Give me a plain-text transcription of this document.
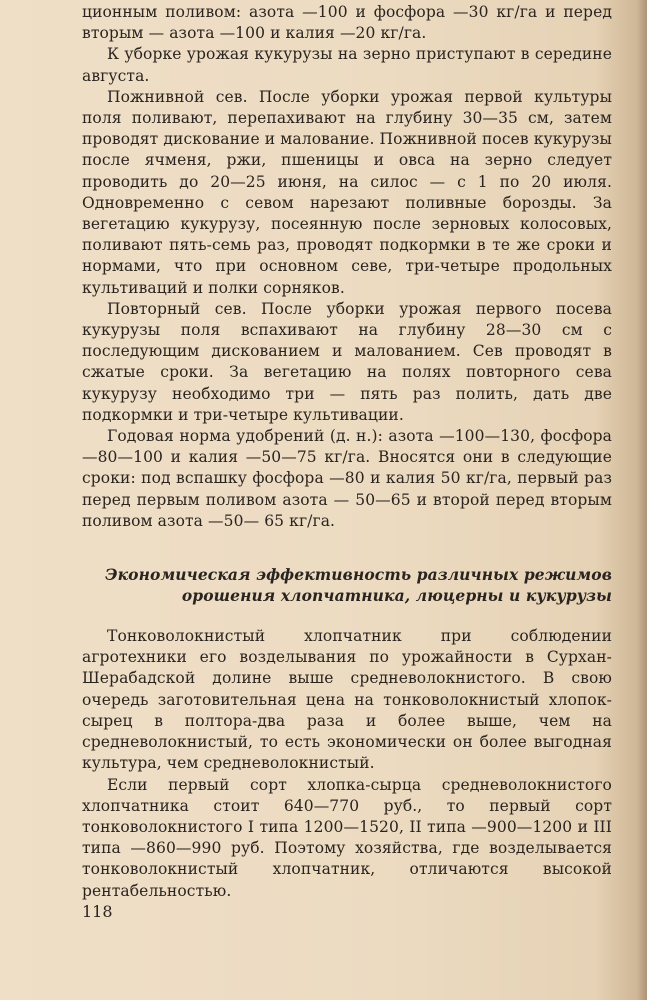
ционным поливом: азота —100 и фосфора —30 кг/га и перед вторым — азота —100 и калия —20 кг/га.

К уборке урожая кукурузы на зерно приступают в середине августа.

Пожнивной сев. После уборки урожая первой культуры поля поливают, перепахивают на глубину 30—35 см, затем проводят дискование и малование. Пожнивной посев кукурузы после ячменя, ржи, пшеницы и овса на зерно следует проводить до 20—25 июня, на силос — с 1 по 20 июля. Одновременно с севом нарезают поливные борозды. За вегетацию кукурузу, посеянную после зерновых колосовых, поливают пять-семь раз, проводят подкормки в те же сроки и нормами, что при основном севе, три-четыре продольных культиваций и полки сорняков.

Повторный сев. После уборки урожая первого посева кукурузы поля вспахивают на глубину 28—30 см с последующим дискованием и малованием. Сев проводят в сжатые сроки. За вегетацию на полях повторного сева кукурузу необходимо три — пять раз полить, дать две подкормки и три-четыре культивации.

Годовая норма удобрений (д. н.): азота —100—130, фосфора —80—100 и калия —50—75 кг/га. Вносятся они в следующие сроки: под вспашку фосфора —80 и калия 50 кг/га, первый раз перед первым поливом азота — 50—65 и второй перед вторым поливом азота —50— 65 кг/га.

Экономическая эффективность различных режимов
орошения хлопчатника, люцерны и кукурузы

Тонковолокнистый хлопчатник при соблюдении агротехники его возделывания по урожайности в Сурхан-Шерабадской долине выше средневолокнистого. В свою очередь заготовительная цена на тонковолокнистый хлопок-сырец в полтора-два раза и более выше, чем на средневолокнистый, то есть экономически он более выгодная культура, чем средневолокнистый.

Если первый сорт хлопка-сырца средневолокнистого хлопчатника стоит 640—770 руб., то первый сорт тонковолокнистого I типа 1200—1520, II типа —900—1200 и III типа —860—990 руб. Поэтому хозяйства, где возделывается тонковолокнистый хлопчатник, отличаются высокой рентабельностью.

118
